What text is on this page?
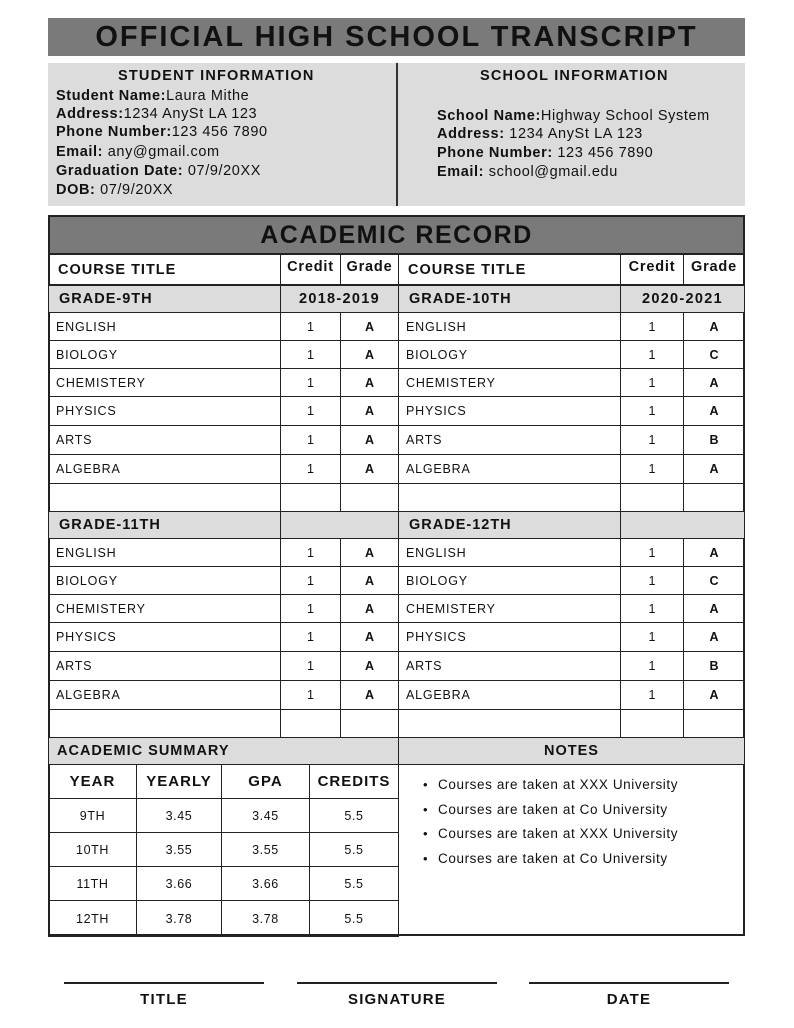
OFFICIAL HIGH SCHOOL TRANSCRIPT
STUDENT INFORMATION
Student Name:Laura Mithe
Address:1234 AnySt LA 123
Phone Number:123 456 7890
Email: any@gmail.com
Graduation Date: 07/9/20XX
DOB: 07/9/20XX
SCHOOL INFORMATION
School Name:Highway School System
Address: 1234 AnySt LA 123
Phone Number: 123 456 7890
Email: school@gmail.edu
ACADEMIC RECORD
COURSE TITLE	Credit Grade	COURSE TITLE	Credit	Grade
GRADE-9TH	2018-2019
ENGLISH	1	A
BIOLOGY	1	A
CHEMISTERY	1	A
PHYSICS	1	A
ARTS	1	A
ALGEBRA	1	A
GRADE-10TH	2020-2021
ENGLISH	1	A
BIOLOGY	1	C
CHEMISTERY	1	A
PHYSICS	1	A
ARTS	1	B
ALGEBRA	1	A
GRADE-11TH
ENGLISH	1	A
BIOLOGY	1	A
CHEMISTERY	1	A
PHYSICS	1	A
ARTS	1	A
ALGEBRA	1	A
GRADE-12TH
ENGLISH	1	A
BIOLOGY	1	C
CHEMISTERY	1	A
PHYSICS	1	A
ARTS	1	B
ALGEBRA	1	A
ACADEMIC SUMMARY	NOTES
YEAR	YEARLY	GPA	CREDITS
9TH	3.45	3.45	5.5
10TH	3.55	3.55	5.5
11TH	3.66	3.66	5.5
12TH	3.78	3.78	5.5
• Courses are taken at XXX University
• Courses are taken at Co University
• Courses are taken at XXX University
• Courses are taken at Co University
TITLE	SIGNATURE	DATE
